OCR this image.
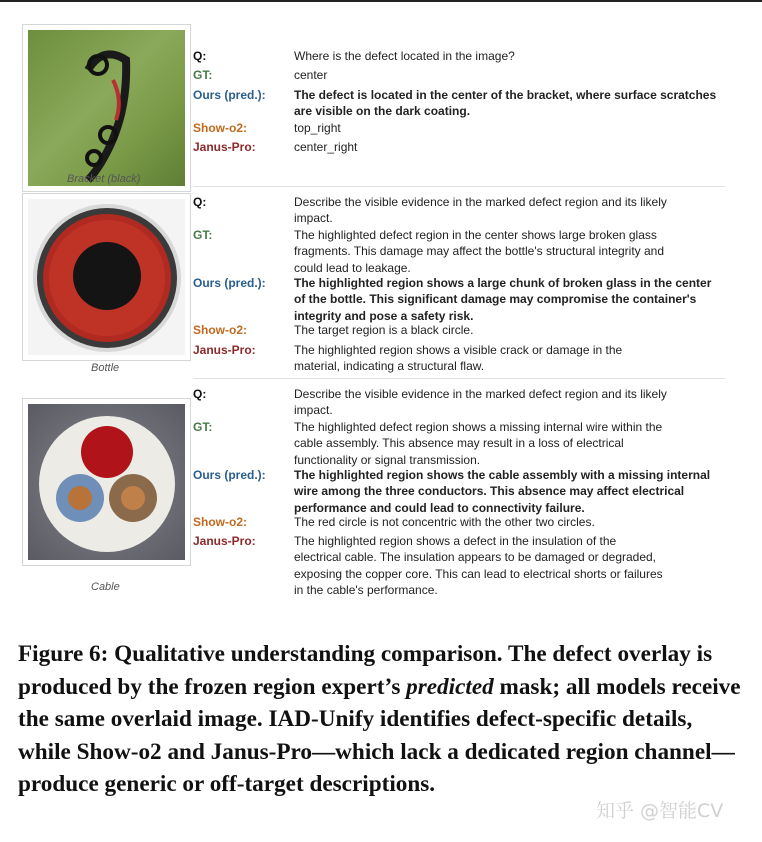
Bracket (black)
Q:	Where is the defect located in the image?
GT:	center
Ours (pred.): The defect is located in the center of the bracket, where surface scratches are visible on the dark coating.
Show-o2:	top_right
Janus-Pro:	center_right
Bottle
Q:	Describe the visible evidence in the marked defect region and its likely impact.
GT:	The highlighted defect region in the center shows large broken glass fragments. This damage may affect the bottle's structural integrity and could lead to leakage.
Ours (pred.): The highlighted region shows a large chunk of broken glass in the center of the bottle. This significant damage may compromise the container's integrity and pose a safety risk.
Show-o2:	The target region is a black circle.
Janus-Pro:	The highlighted region shows a visible crack or damage in the material, indicating a structural flaw.
Cable
Q:	Describe the visible evidence in the marked defect region and its likely impact.
GT:	The highlighted defect region shows a missing internal wire within the cable assembly. This absence may result in a loss of electrical functionality or signal transmission.
Ours (pred.): The highlighted region shows the cable assembly with a missing internal wire among the three conductors. This absence may affect electrical performance and could lead to connectivity failure.
Show-o2:	The red circle is not concentric with the other two circles.
Janus-Pro:	The highlighted region shows a defect in the insulation of the electrical cable. The insulation appears to be damaged or degraded, exposing the copper core. This can lead to electrical shorts or failures in the cable's performance.
Figure 6: Qualitative understanding comparison. The defect overlay is produced by the frozen region expert’s predicted mask; all models receive the same overlaid image. IAD-Unify identifies defect-specific details, while Show-o2 and Janus-Pro—which lack a dedicated region channel—produce generic or off-target descriptions.
知乎 @智能CV
